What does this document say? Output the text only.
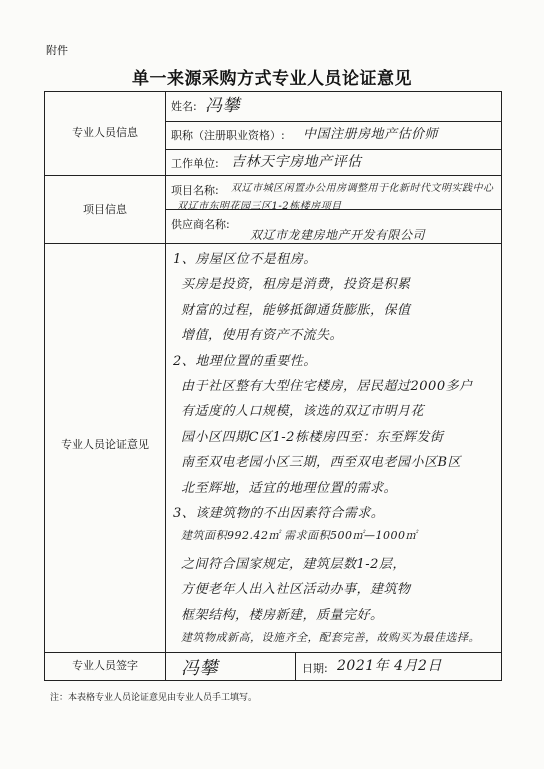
附件
单一来源采购方式专业人员论证意见
专业人员信息
项目信息
专业人员论证意见
专业人员签字
姓名: 冯攀
职称（注册职业资格）: 中国注册房地产估价师
工作单位: 吉林天宇房地产评估
项目名称: 双辽市城区闲置办公用房调整用于化新时代文明实践中心
双辽市东明花园三区1-2栋楼房项目
供应商名称:
双辽市龙建房地产开发有限公司
1、房屋区位不是租房。
买房是投资，租房是消费，投资是积累
财富的过程，能够抵御通货膨胀，保值
增值，使用有资产不流失。
2、地理位置的重要性。
由于社区整有大型住宅楼房，居民超过2000多户
有适度的人口规模，该选的双辽市明月花
园小区四期C区1-2栋楼房四至：东至辉发街
南至双电老园小区三期，西至双电老园小区B区
北至辉地，适宜的地理位置的需求。
3、该建筑物的不出因素符合需求。
建筑面积992.42㎡ 需求面积500㎡—1000㎡
之间符合国家规定，建筑层数1-2层，
方便老年人出入社区活动办事，建筑物
框架结构，楼房新建，质量完好。
建筑物成新高，设施齐全，配套完善，故购买为最佳选择。
冯攀	日期: 2021年 4月2日
注：本表格专业人员论证意见由专业人员手工填写。
